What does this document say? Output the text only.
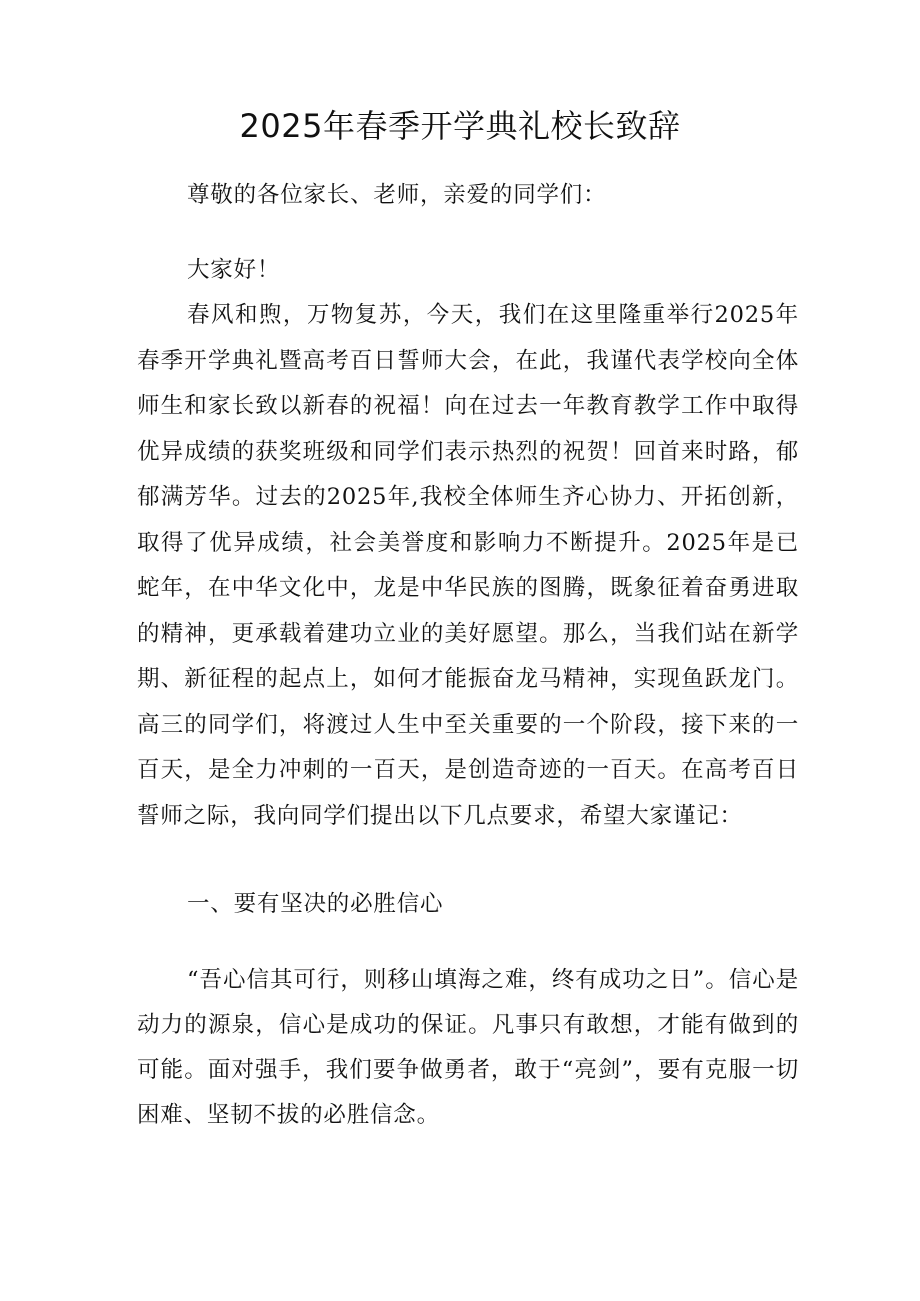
2025年春季开学典礼校长致辞
尊敬的各位家长、老师，亲爱的同学们：
大家好！
春风和煦，万物复苏，今天，我们在这里隆重举行2025年春季开学典礼暨高考百日誓师大会，在此，我谨代表学校向全体师生和家长致以新春的祝福！向在过去一年教育教学工作中取得优异成绩的获奖班级和同学们表示热烈的祝贺！回首来时路，郁郁满芳华。过去的2025年,我校全体师生齐心协力、开拓创新，取得了优异成绩，社会美誉度和影响力不断提升。2025年是已蛇年，在中华文化中，龙是中华民族的图腾，既象征着奋勇进取的精神，更承载着建功立业的美好愿望。那么，当我们站在新学期、新征程的起点上，如何才能振奋龙马精神，实现鱼跃龙门。高三的同学们，将渡过人生中至关重要的一个阶段，接下来的一百天，是全力冲刺的一百天，是创造奇迹的一百天。在高考百日誓师之际，我向同学们提出以下几点要求，希望大家谨记：
一、要有坚决的必胜信心
“吾心信其可行，则移山填海之难，终有成功之日”。信心是动力的源泉，信心是成功的保证。凡事只有敢想，才能有做到的可能。面对强手，我们要争做勇者，敢于“亮剑”，要有克服一切困难、坚韧不拔的必胜信念。
